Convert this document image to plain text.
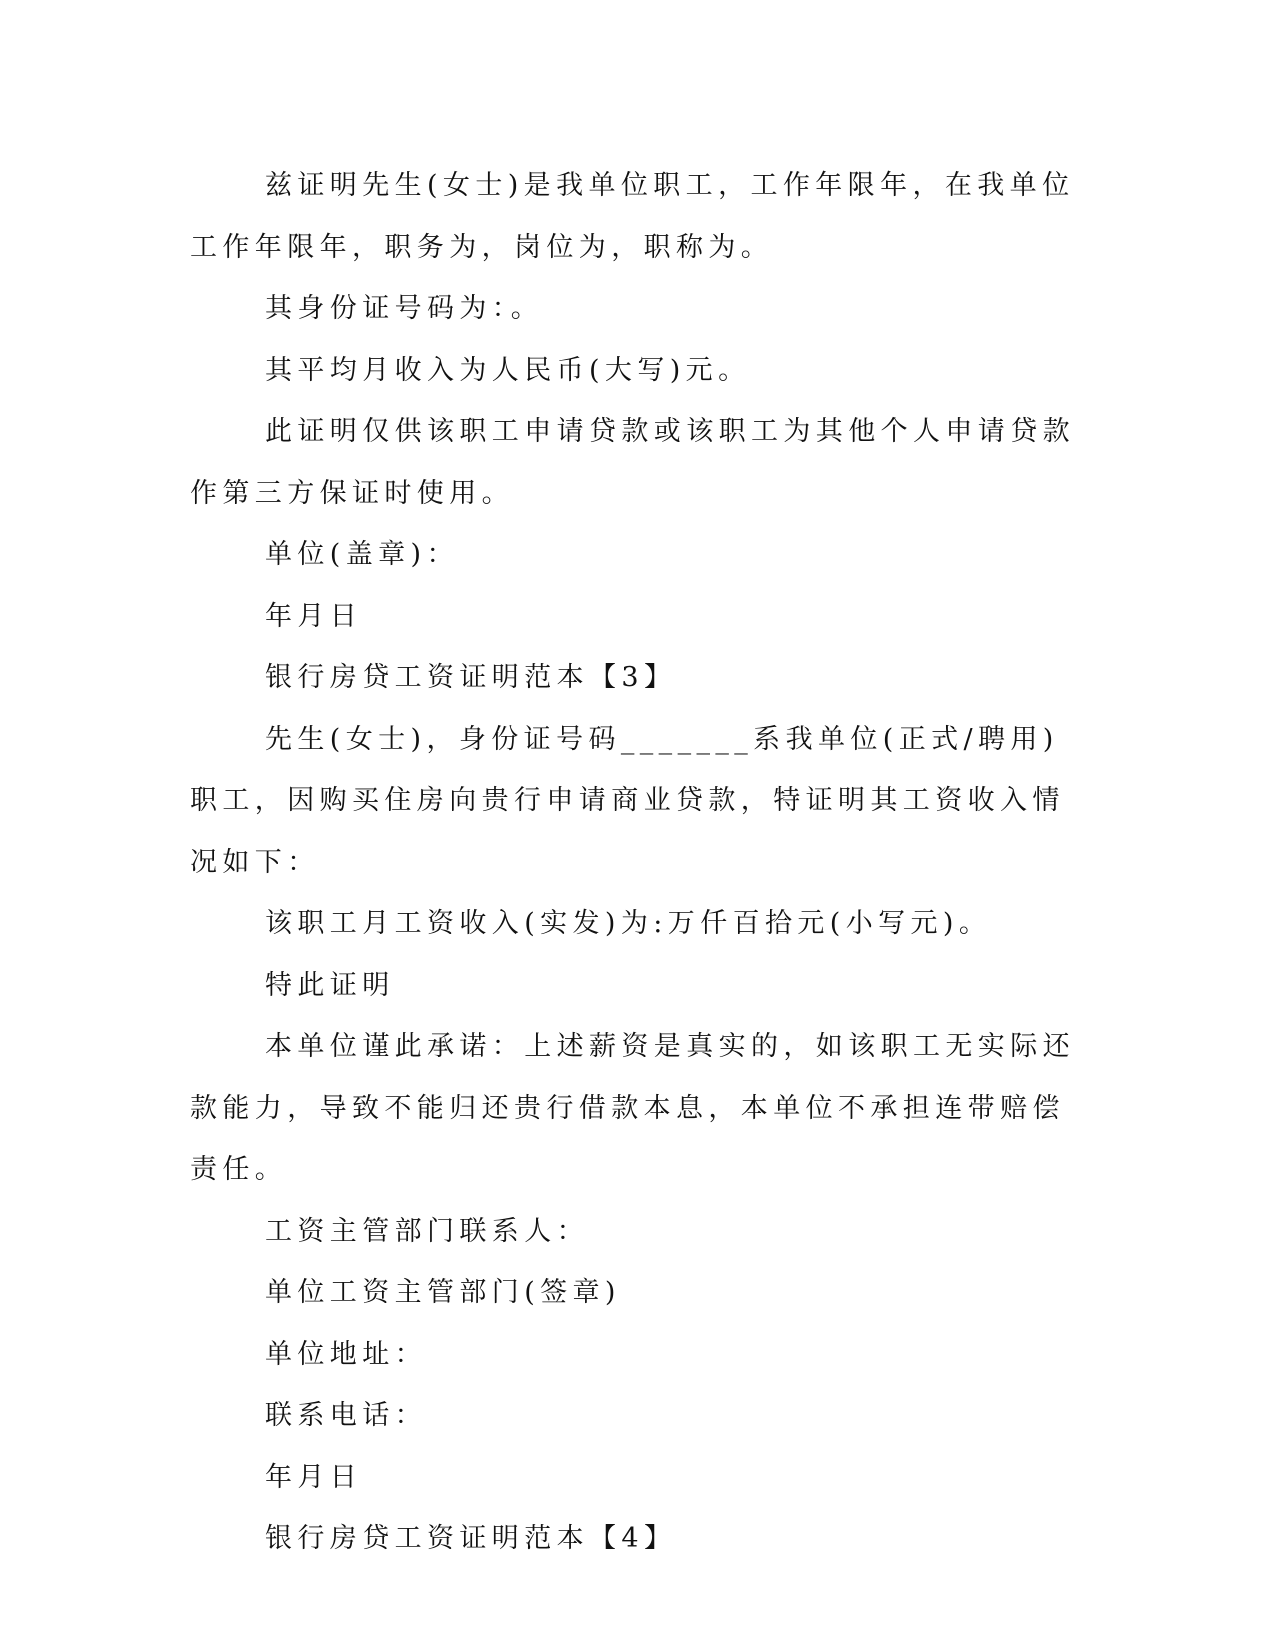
兹证明先生(女士)是我单位职工，工作年限年，在我单位工作年限年，职务为，岗位为，职称为。

其身份证号码为：。

其平均月收入为人民币(大写)元。

此证明仅供该职工申请贷款或该职工为其他个人申请贷款作第三方保证时使用。

单位(盖章)：

年月日

银行房贷工资证明范本【3】

先生(女士)，身份证号码_______系我单位(正式/聘用)职工，因购买住房向贵行申请商业贷款，特证明其工资收入情况如下：

该职工月工资收入(实发)为:万仟百拾元(小写元)。

特此证明

本单位谨此承诺：上述薪资是真实的，如该职工无实际还款能力，导致不能归还贵行借款本息，本单位不承担连带赔偿责任。

工资主管部门联系人：

单位工资主管部门(签章)

单位地址：

联系电话：

年月日

银行房贷工资证明范本【4】
